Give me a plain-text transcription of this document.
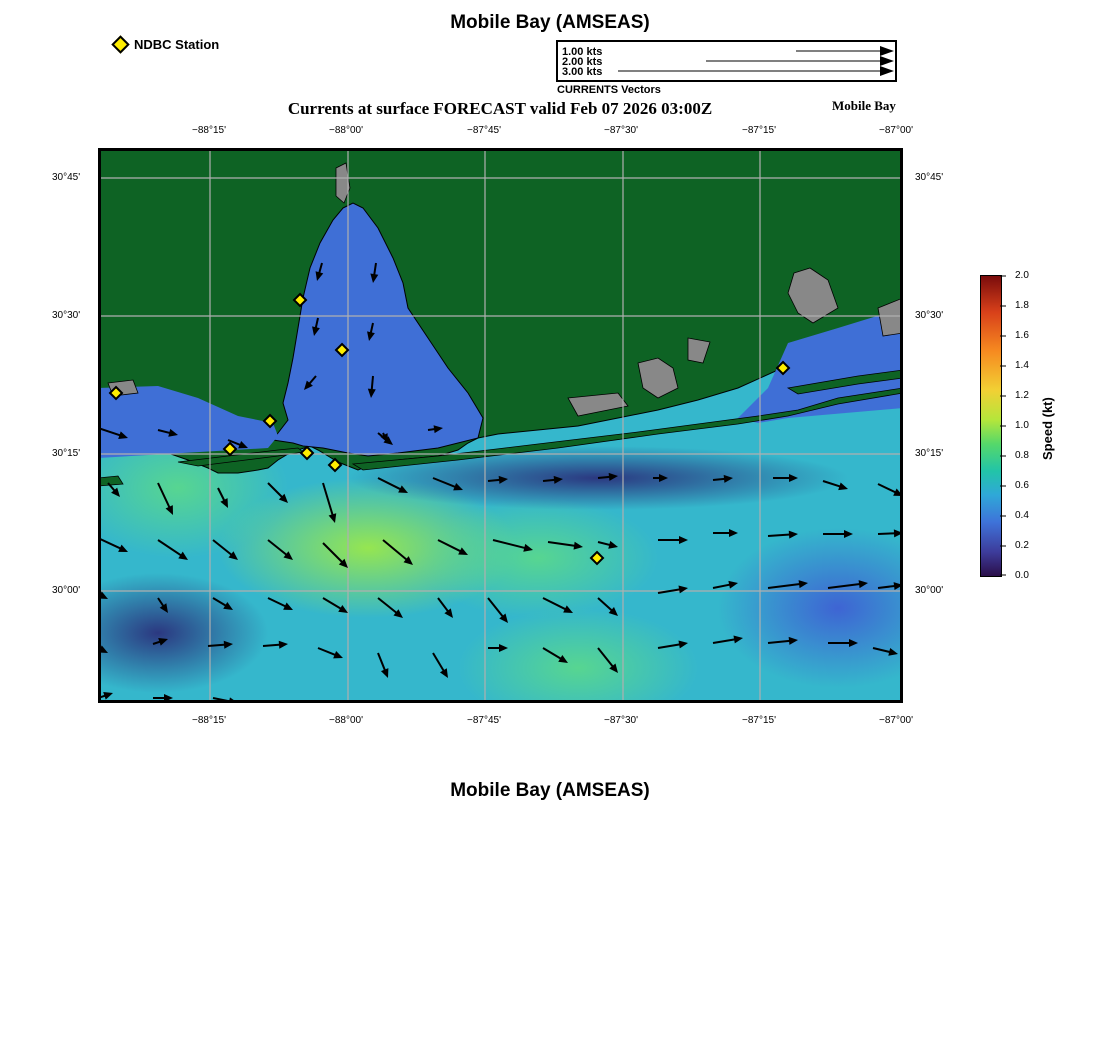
Mobile Bay (AMSEAS)
NDBC Station	1.00 kts
2.00 kts
3.00 kts
CURRENTS Vectors
Currents at surface FORECAST valid Feb 07 2026 03:00Z	Mobile Bay
−88°15'	−88°00'	−87°45'	−87°30'	−87°15'	−87°00'
−88°15'	−88°00'	−87°45'	−87°30'	−87°15'	−87°00'
30°45'
30°30'
30°15'
30°00'
30°45'
30°30'
30°15'
30°00'
2.0
1.8
1.6
1.4
1.2
1.0
0.8
0.6
0.4
0.2
0.0
Speed (kt)
Mobile Bay (AMSEAS)
